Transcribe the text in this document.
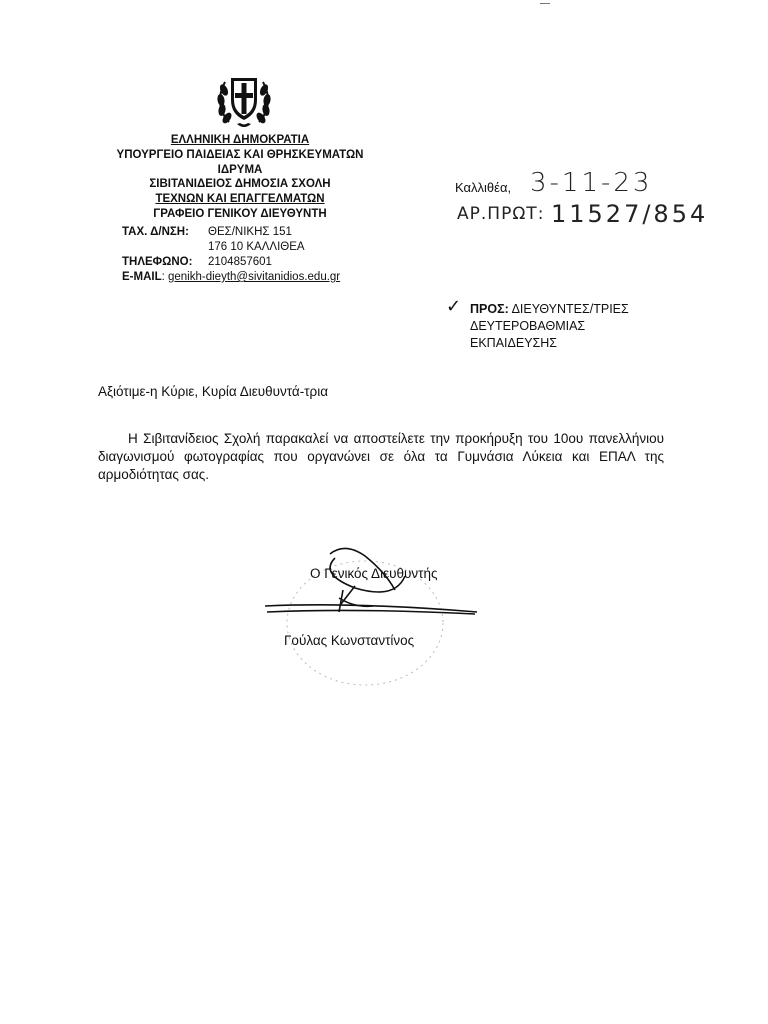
ΕΛΛΗΝΙΚΗ ΔΗΜΟΚΡΑΤΙΑ
ΥΠΟΥΡΓΕΙΟ ΠΑΙΔΕΙΑΣ ΚΑΙ ΘΡΗΣΚΕΥΜΑΤΩΝ
ΙΔΡΥΜΑ
ΣΙΒΙΤΑΝΙΔΕΙΟΣ ΔΗΜΟΣΙΑ ΣΧΟΛΗ
ΤΕΧΝΩΝ ΚΑΙ ΕΠΑΓΓΕΛΜΑΤΩΝ
ΓΡΑΦΕΙΟ ΓΕΝΙΚΟΥ ΔΙΕΥΘΥΝΤΗ
ΤΑΧ. Δ/ΝΣΗ: ΘΕΣ/ΝΙΚΗΣ 151
176 10 ΚΑΛΛΙΘΕΑ
ΤΗΛΕΦΩΝΟ: 2104857601
E-MAIL: genikh-dieyth@sivitanidios.edu.gr
Καλλιθέα, 3-11-23
ΑΡ.ΠΡΩΤ: 11527/854
✓ ΠΡΟΣ: ΔΙΕΥΘΥΝΤΕΣ/ΤΡΙΕΣ
ΔΕΥΤΕΡΟΒΑΘΜΙΑΣ
ΕΚΠΑΙΔΕΥΣΗΣ
Αξιότιμε-η Κύριε, Κυρία Διευθυντά-τρια
Η Σιβιτανίδειος Σχολή παρακαλεί να αποστείλετε την προκήρυξη του 10ου πανελλήνιου διαγωνισμού φωτογραφίας που οργανώνει σε όλα τα Γυμνάσια Λύκεια και ΕΠΑΛ της αρμοδιότητας σας.
Ο Γενικός Διευθυντής
Γούλας Κωνσταντίνος
